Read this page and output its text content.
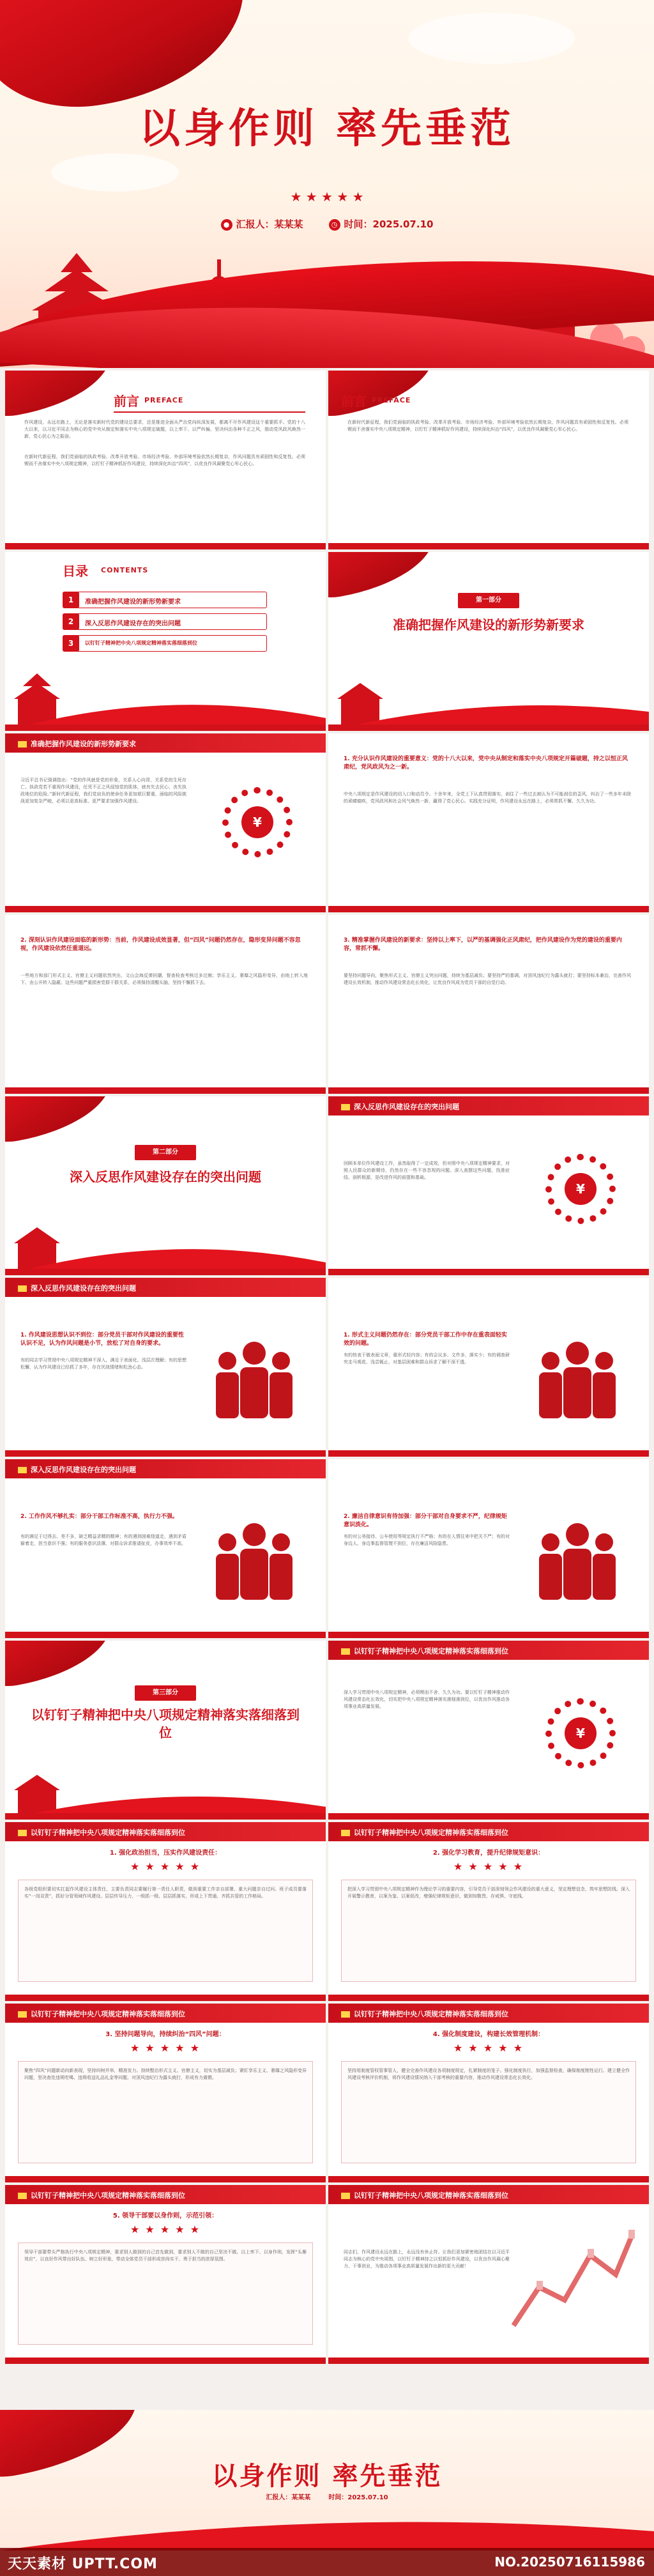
以身作则 率先垂范
★ ★ ★ ★ ★
● 汇报人：某某某	◷ 时间：2025.07.10
前言 PREFACE
作风建设，永远在路上，无论是落实新时代党的建设总要求，还是推进全面从严治党向纵深发展，都离不开作风建设这个重要抓手。党的十八大以来，以习近平同志为核心的党中央从制定和落实中央八项规定破题，以上率下、以严纠偏，坚决纠治各种不正之风，推动党风政风焕然一新，党心民心为之振奋。
在新时代新征程，我们党面临的执政考验、改革开放考验、市场经济考验、外部环境考验依然长期复杂，作风问题具有顽固性和反复性。必须锲而不舍落实中央八项规定精神，以钉钉子精神抓好作风建设，持续深化纠治“四风”，以优良作风凝聚党心军心民心。
前言 PREFACE
在新时代新征程，我们党面临的执政考验、改革开放考验、市场经济考验、外部环境考验依然长期复杂，作风问题具有顽固性和反复性。必须锲而不舍落实中央八项规定精神，以钉钉子精神抓好作风建设，持续深化纠治“四风”，以优良作风凝聚党心军心民心。
目录 CONTENTS
1	准确把握作风建设的新形势新要求
2	深入反思作风建设存在的突出问题
3	以钉钉子精神把中央八项规定精神落实落细落到位
第一部分
准确把握作风建设的新形势新要求
准确把握作风建设的新形势新要求
习近平总书记强调指出：“党的作风就是党的形象，关系人心向背，关系党的生死存亡。执政党若不重视作风建设，任凭不正之风侵蚀党的肌体，就有失去民心、丧失执政地位的危险。”新时代新征程，我们党肩负的使命任务更加艰巨繁重，面临的风险挑战更加复杂严峻，必须以更高标准、更严要求加强作风建设。
¥
1. 充分认识作风建设的重要意义：党的十八大以来，党中央从制定和落实中央八项规定开篇破题，持之以恒正风肃纪，党风政风为之一新。
中央八项规定是作风建设的切入口和动员令。十余年来，全党上下认真贯彻落实，刹住了一些过去被认为不可能刹住的歪风，纠治了一些多年未除的顽瘴痼疾，党风政风和社会风气焕然一新，赢得了党心民心。实践充分证明，作风建设永远在路上，必须常抓不懈、久久为功。
2. 深刻认识作风建设面临的新形势：当前，作风建设成效显著，但“四风”问题仍然存在，隐形变异问题不容忽视，作风建设依然任重道远。
一些地方和部门形式主义、官僚主义问题依然突出，文山会海反弹回潮，督查检查考核过多过频；享乐主义、奢靡之风隐形变异，由地上转入地下、由公开转入隐蔽。这些问题严重损害党群干群关系，必须保持清醒头脑，坚持不懈抓下去。
3. 精准掌握作风建设的新要求：坚持以上率下，以严的基调强化正风肃纪，把作风建设作为党的建设的重要内容，常抓不懈。
要坚持问题导向，聚焦形式主义、官僚主义突出问题，持续为基层减负；要坚持严的基调，对顶风违纪行为露头就打；要坚持标本兼治，完善作风建设长效机制，推动作风建设常态化长效化，让优良作风成为党员干部的自觉行动。
第二部分
深入反思作风建设存在的突出问题
深入反思作风建设存在的突出问题
回顾本单位作风建设工作，虽然取得了一定成效，但对照中央八项规定精神要求，对照人民群众的新期待，仍然存在一些不容忽视的问题。深入查摆这些问题，找准症结、剖析根源，是改进作风的前提和基础。
¥
深入反思作风建设存在的突出问题
1. 作风建设思想认识不到位：部分党员干部对作风建设的重要性认识不足，认为作风问题是小节，放松了对自身的要求。
有的同志学习贯彻中央八项规定精神不深入，满足于表面化、浅层次理解；有的思想松懈，认为作风建设已经抓了多年，存在厌战情绪和松劲心态。
1. 形式主义问题仍然存在：部分党员干部工作中存在重表面轻实效的问题。
有的热衷于做表面文章，重形式轻内容；有的会议多、文件多，落实少；有的调查研究走马观花、浅尝辄止，对基层困难和群众诉求了解不深不透。
深入反思作风建设存在的突出问题
2. 工作作风不够扎实：部分干部工作标准不高，执行力不强。
有的满足于过得去、差不多，缺乏精益求精的精神；有的遇到困难绕道走，遇到矛盾躲着走，担当意识不强；有的服务意识淡薄，对群众诉求推诿扯皮，办事效率不高。
2. 廉洁自律意识有待加强：部分干部对自身要求不严，纪律规矩意识淡化。
有的对公务接待、公车使用等规定执行不严格；有的在人情往来中把关不严；有的对身边人、身边事监督管理不到位，存在廉洁风险隐患。
第三部分
以钉钉子精神把中央八项规定精神落实落细落到位
以钉钉子精神把中央八项规定精神落实落细落到位
深入学习贯彻中央八项规定精神，必须锲而不舍、久久为功。要以钉钉子精神推动作风建设常态化长效化，切实把中央八项规定精神落实落细落到位，以优良作风推动各项事业高质量发展。
¥
以钉钉子精神把中央八项规定精神落实落细落到位
1. 强化政治担当，压实作风建设责任：
★ ★ ★ ★ ★
各级党组织要切实扛起作风建设主体责任，主要负责同志要履行第一责任人职责，做到重要工作亲自部署、重大问题亲自过问。班子成员要落实“一岗双责”，抓好分管领域作风建设。层层传导压力，一级抓一级、层层抓落实，形成上下贯通、齐抓共管的工作格局。
以钉钉子精神把中央八项规定精神落实落细落到位
2. 强化学习教育，提升纪律规矩意识：
★ ★ ★ ★ ★
把深入学习贯彻中央八项规定精神作为理论学习的重要内容，引导党员干部深刻领会作风建设的重大意义，坚定理想信念，筑牢思想防线。深入开展警示教育，以案为鉴、以案促改，增强纪律规矩意识，做到知敬畏、存戒惧、守底线。
以钉钉子精神把中央八项规定精神落实落细落到位
3. 坚持问题导向，持续纠治“四风”问题：
★ ★ ★ ★ ★
聚焦“四风”问题新动向新表现，坚持纠树并举，精准发力。持续整治形式主义、官僚主义，切实为基层减负；紧盯享乐主义、奢靡之风隐形变异问题，坚决查处违规吃喝、违规收送礼品礼金等问题，对顶风违纪行为露头就打，形成有力震慑。
以钉钉子精神把中央八项规定精神落实落细落到位
4. 强化制度建设，构建长效管理机制：
★ ★ ★ ★ ★
坚持用制度管权管事管人，健全完善作风建设各项制度规定，扎紧制度的笼子。强化制度执行，加强监督检查，确保制度刚性运行。建立健全作风建设考核评价机制，将作风建设情况纳入干部考核的重要内容，推动作风建设常态化长效化。
以钉钉子精神把中央八项规定精神落实落细落到位
5. 领导干部要以身作则，示范引领：
★ ★ ★ ★ ★
领导干部要带头严格执行中央八项规定精神，要求别人做到的自己首先做到，要求别人不做的自己坚决不做。以上率下、以身作则，发挥“头雁效应”，以良好作风带出好队伍、树立好形象，带动全体党员干部形成崇尚实干、勇于担当的浓厚氛围。
以钉钉子精神把中央八项规定精神落实落细落到位
同志们，作风建设永远在路上，永远没有休止符。让我们更加紧密地团结在以习近平同志为核心的党中央周围，以钉钉子精神持之以恒抓好作风建设，以优良作风凝心聚力、干事创业，为推动各项事业高质量发展作出新的更大贡献！
以身作则 率先垂范
汇报人：某某某	时间：2025.07.10
天天素材 UPTT.COM	NO.20250716115986
